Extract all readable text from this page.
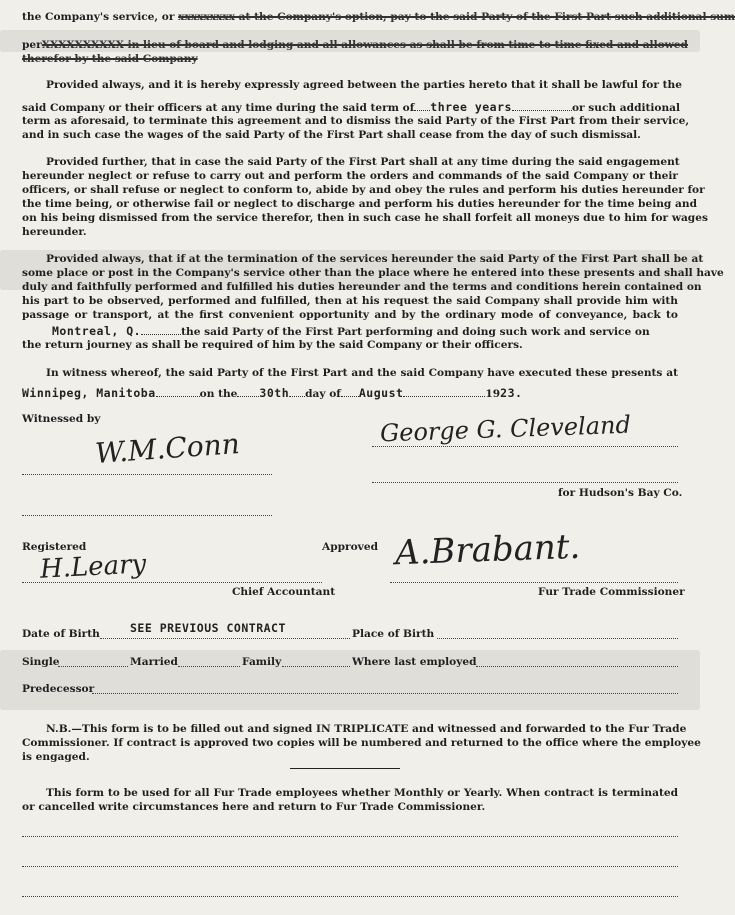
the Company's service, or xxxxxxxxx at the Company's option, pay to the said Party of the First Part such additional sum
perXXXXXXXXXX in lieu of board and lodging and all allowances as shall be from time to time fixed and allowed
therefor by the said Company
Provided always, and it is hereby expressly agreed between the parties hereto that it shall be lawful for the
said Company or their officers at any time during the said term of three years	or such additional
term as aforesaid, to terminate this agreement and to dismiss the said Party of the First Part from their service,
and in such case the wages of the said Party of the First Part shall cease from the day of such dismissal.
Provided further, that in case the said Party of the First Part shall at any time during the said engagement
hereunder neglect or refuse to carry out and perform the orders and commands of the said Company or their
officers, or shall refuse or neglect to conform to, abide by and obey the rules and perform his duties hereunder for
the time being, or otherwise fail or neglect to discharge and perform his duties hereunder for the time being and
on his being dismissed from the service therefor, then in such case he shall forfeit all moneys due to him for wages
hereunder.
Provided always, that if at the termination of the services hereunder the said Party of the First Part shall be at
some place or post in the Company's service other than the place where he entered into these presents and shall have
duly and faithfully performed and fulfilled his duties hereunder and the terms and conditions herein contained on
his part to be observed, performed and fulfilled, then at his request the said Company shall provide him with
passage or transport, at the first convenient opportunity and by the ordinary mode of conveyance, back to
Montreal, Q.	the said Party of the First Part performing and doing such work and service on
the return journey as shall be required of him by the said Company or their officers.
In witness whereof, the said Party of the First Part and the said Company have executed these presents at
Winnipeg, Manitoba	on the 30th day of August	1923.
Witnessed by
W.M.Conn	George G. Cleveland
for Hudson's Bay Co.
Registered
H.Leary
Chief Accountant
Approved A.Brabant.
Fur Trade Commissioner
Date of Birth	SEE PREVIOUS CONTRACT	Place of Birth
Single	Married	Family	Where last employed
Predecessor
N.B.—This form is to be filled out and signed IN TRIPLICATE and witnessed and forwarded to the Fur Trade
Commissioner. If contract is approved two copies will be numbered and returned to the office where the employee
is engaged.
This form to be used for all Fur Trade employees whether Monthly or Yearly. When contract is terminated
or cancelled write circumstances here and return to Fur Trade Commissioner.
